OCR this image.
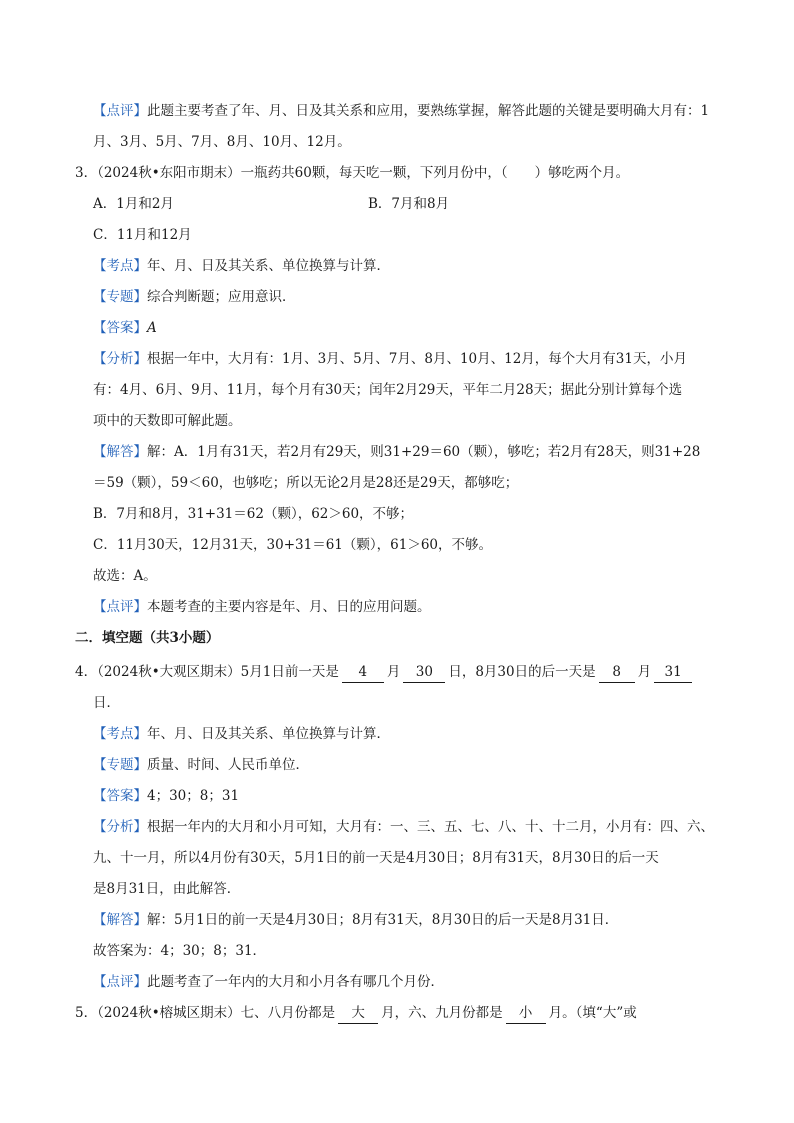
【点评】此题主要考查了年、月、日及其关系和应用，要熟练掌握，解答此题的关键是要明确大月有：1
月、3月、5月、7月、8月、10月、12月。
3．（2024秋•东阳市期末）一瓶药共60颗，每天吃一颗，下列月份中，（　　）够吃两个月。
A．1月和2月	B．7月和8月
C．11月和12月
【考点】年、月、日及其关系、单位换算与计算．
【专题】综合判断题；应用意识．
【答案】A
【分析】根据一年中，大月有：1月、3月、5月、7月、8月、10月、12月，每个大月有31天，小月
有：4月、6月、9月、11月，每个月有30天；闰年2月29天，平年二月28天；据此分别计算每个选
项中的天数即可解此题。
【解答】解：A．1月有31天，若2月有29天，则31+29＝60（颗），够吃；若2月有28天，则31+28
＝59（颗），59＜60，也够吃；所以无论2月是28还是29天，都够吃；
B．7月和8月，31+31＝62（颗），62＞60，不够；
C．11月30天，12月31天，30+31＝61（颗），61＞60，不够。
故选：A。
【点评】本题考查的主要内容是年、月、日的应用问题。
二．填空题（共3小题）
4．（2024秋•大观区期末）5月1日前一天是 4 月 30 日，8月30日的后一天是 8 月 31
日．
【考点】年、月、日及其关系、单位换算与计算．
【专题】质量、时间、人民币单位．
【答案】4；30；8；31
【分析】根据一年内的大月和小月可知，大月有：一、三、五、七、八、十、十二月，小月有：四、六、
九、十一月，所以4月份有30天，5月1日的前一天是4月30日；8月有31天，8月30日的后一天
是8月31日，由此解答．
【解答】解：5月1日的前一天是4月30日；8月有31天，8月30日的后一天是8月31日．
故答案为：4；30；8；31．
【点评】此题考查了一年内的大月和小月各有哪几个月份．
5．（2024秋•榕城区期末）七、八月份都是 大 月，六、九月份都是 小 月。（填“大”或
